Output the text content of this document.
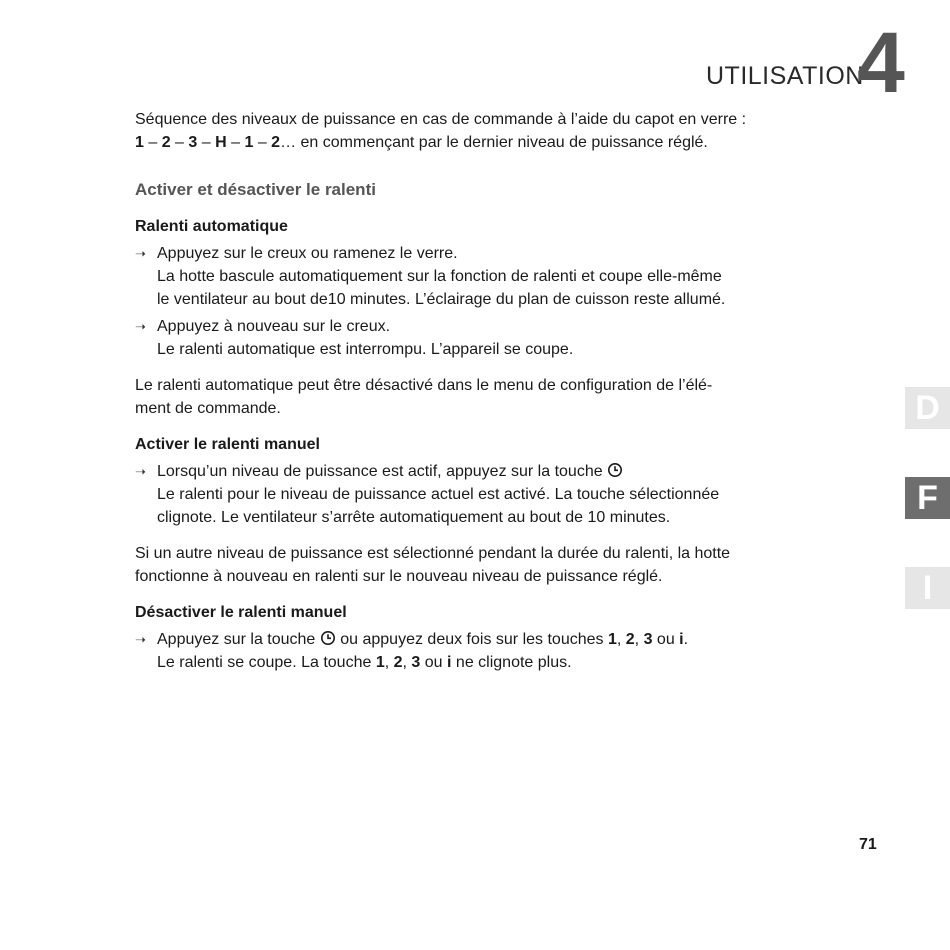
UTILISATION
4

Séquence des niveaux de puissance en cas de commande à l’aide du capot en verre :

1 – 2 – 3 – H – 1 – 2… en commençant par le dernier niveau de puissance réglé.

Activer et désactiver le ralenti
Ralenti automatique
➝ Appuyez sur le creux ou ramenez le verre.

La hotte bascule automatiquement sur la fonction de ralenti et coupe elle-même

le ventilateur au bout de10 minutes. L’éclairage du plan de cuisson reste allumé.

➝ Appuyez à nouveau sur le creux.

Le ralenti automatique est interrompu. L’appareil se coupe.

Le ralenti automatique peut être désactivé dans le menu de configuration de l’élé-

ment de commande.

Activer le ralenti manuel
➝ Lorsqu’un niveau de puissance est actif, appuyez sur la touche

Le ralenti pour le niveau de puissance actuel est activé. La touche sélectionnée

clignote. Le ventilateur s’arrête automatiquement au bout de 10 minutes.

Si un autre niveau de puissance est sélectionné pendant la durée du ralenti, la hotte

fonctionne à nouveau en ralenti sur le nouveau niveau de puissance réglé.

Désactiver le ralenti manuel
➝ Appuyez sur la touche ou appuyez deux fois sur les touches 1, 2, 3 ou i.

Le ralenti se coupe. La touche 1, 2, 3 ou i ne clignote plus.

D
F
I
71
